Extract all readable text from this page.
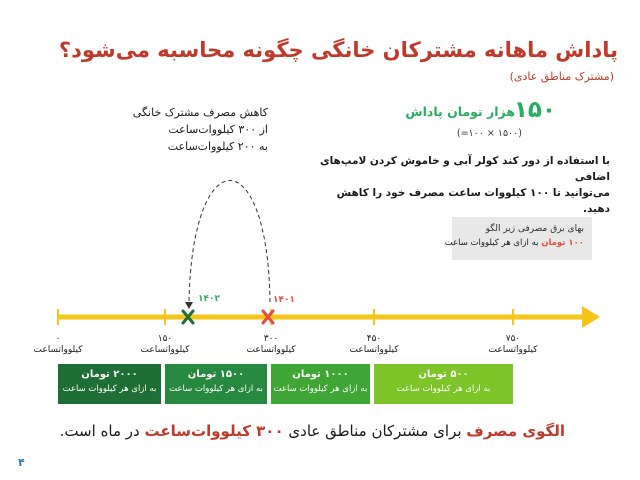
پاداش ماهانه مشترکان خانگی چگونه محاسبه می‌شود؟
(مشترک مناطق عادی)
۱۵۰
هزار تومان پاداش
(۱۵۰۰ × ۱۰۰=)
با استفاده از دور کند کولر آبی و خاموش کردن لامپ‌های اضافی
می‌توانید تا ۱۰۰ کیلووات ساعت مصرف خود را کاهش دهید.
کاهش مصرف مشترک خانگی
از ۳۰۰ کیلووات‌ساعت
به ۲۰۰ کیلووات‌ساعت
بهای برق مصرفی زیر الگو
۱۰۰ تومان به ازای هر کیلووات ساعت
۱۴۰۲	۱۴۰۱
۰
کیلوواتساعت
۱۵۰
کیلوواتساعت
۳۰۰
کیلوواتساعت
۴۵۰
کیلوواتساعت
۷۵۰
کیلوواتساعت
۲۰۰۰ تومان
به ازای هر کیلووات ساعت
۱۵۰۰ تومان
به ازای هر کیلووات ساعت
۱۰۰۰ تومان
به ازای هر کیلووات ساعت
۵۰۰ تومان
به ازای هر کیلووات ساعت
الگوی مصرف برای مشترکان مناطق عادی ۳۰۰ کیلووات‌ساعت در ماه است.
۴
